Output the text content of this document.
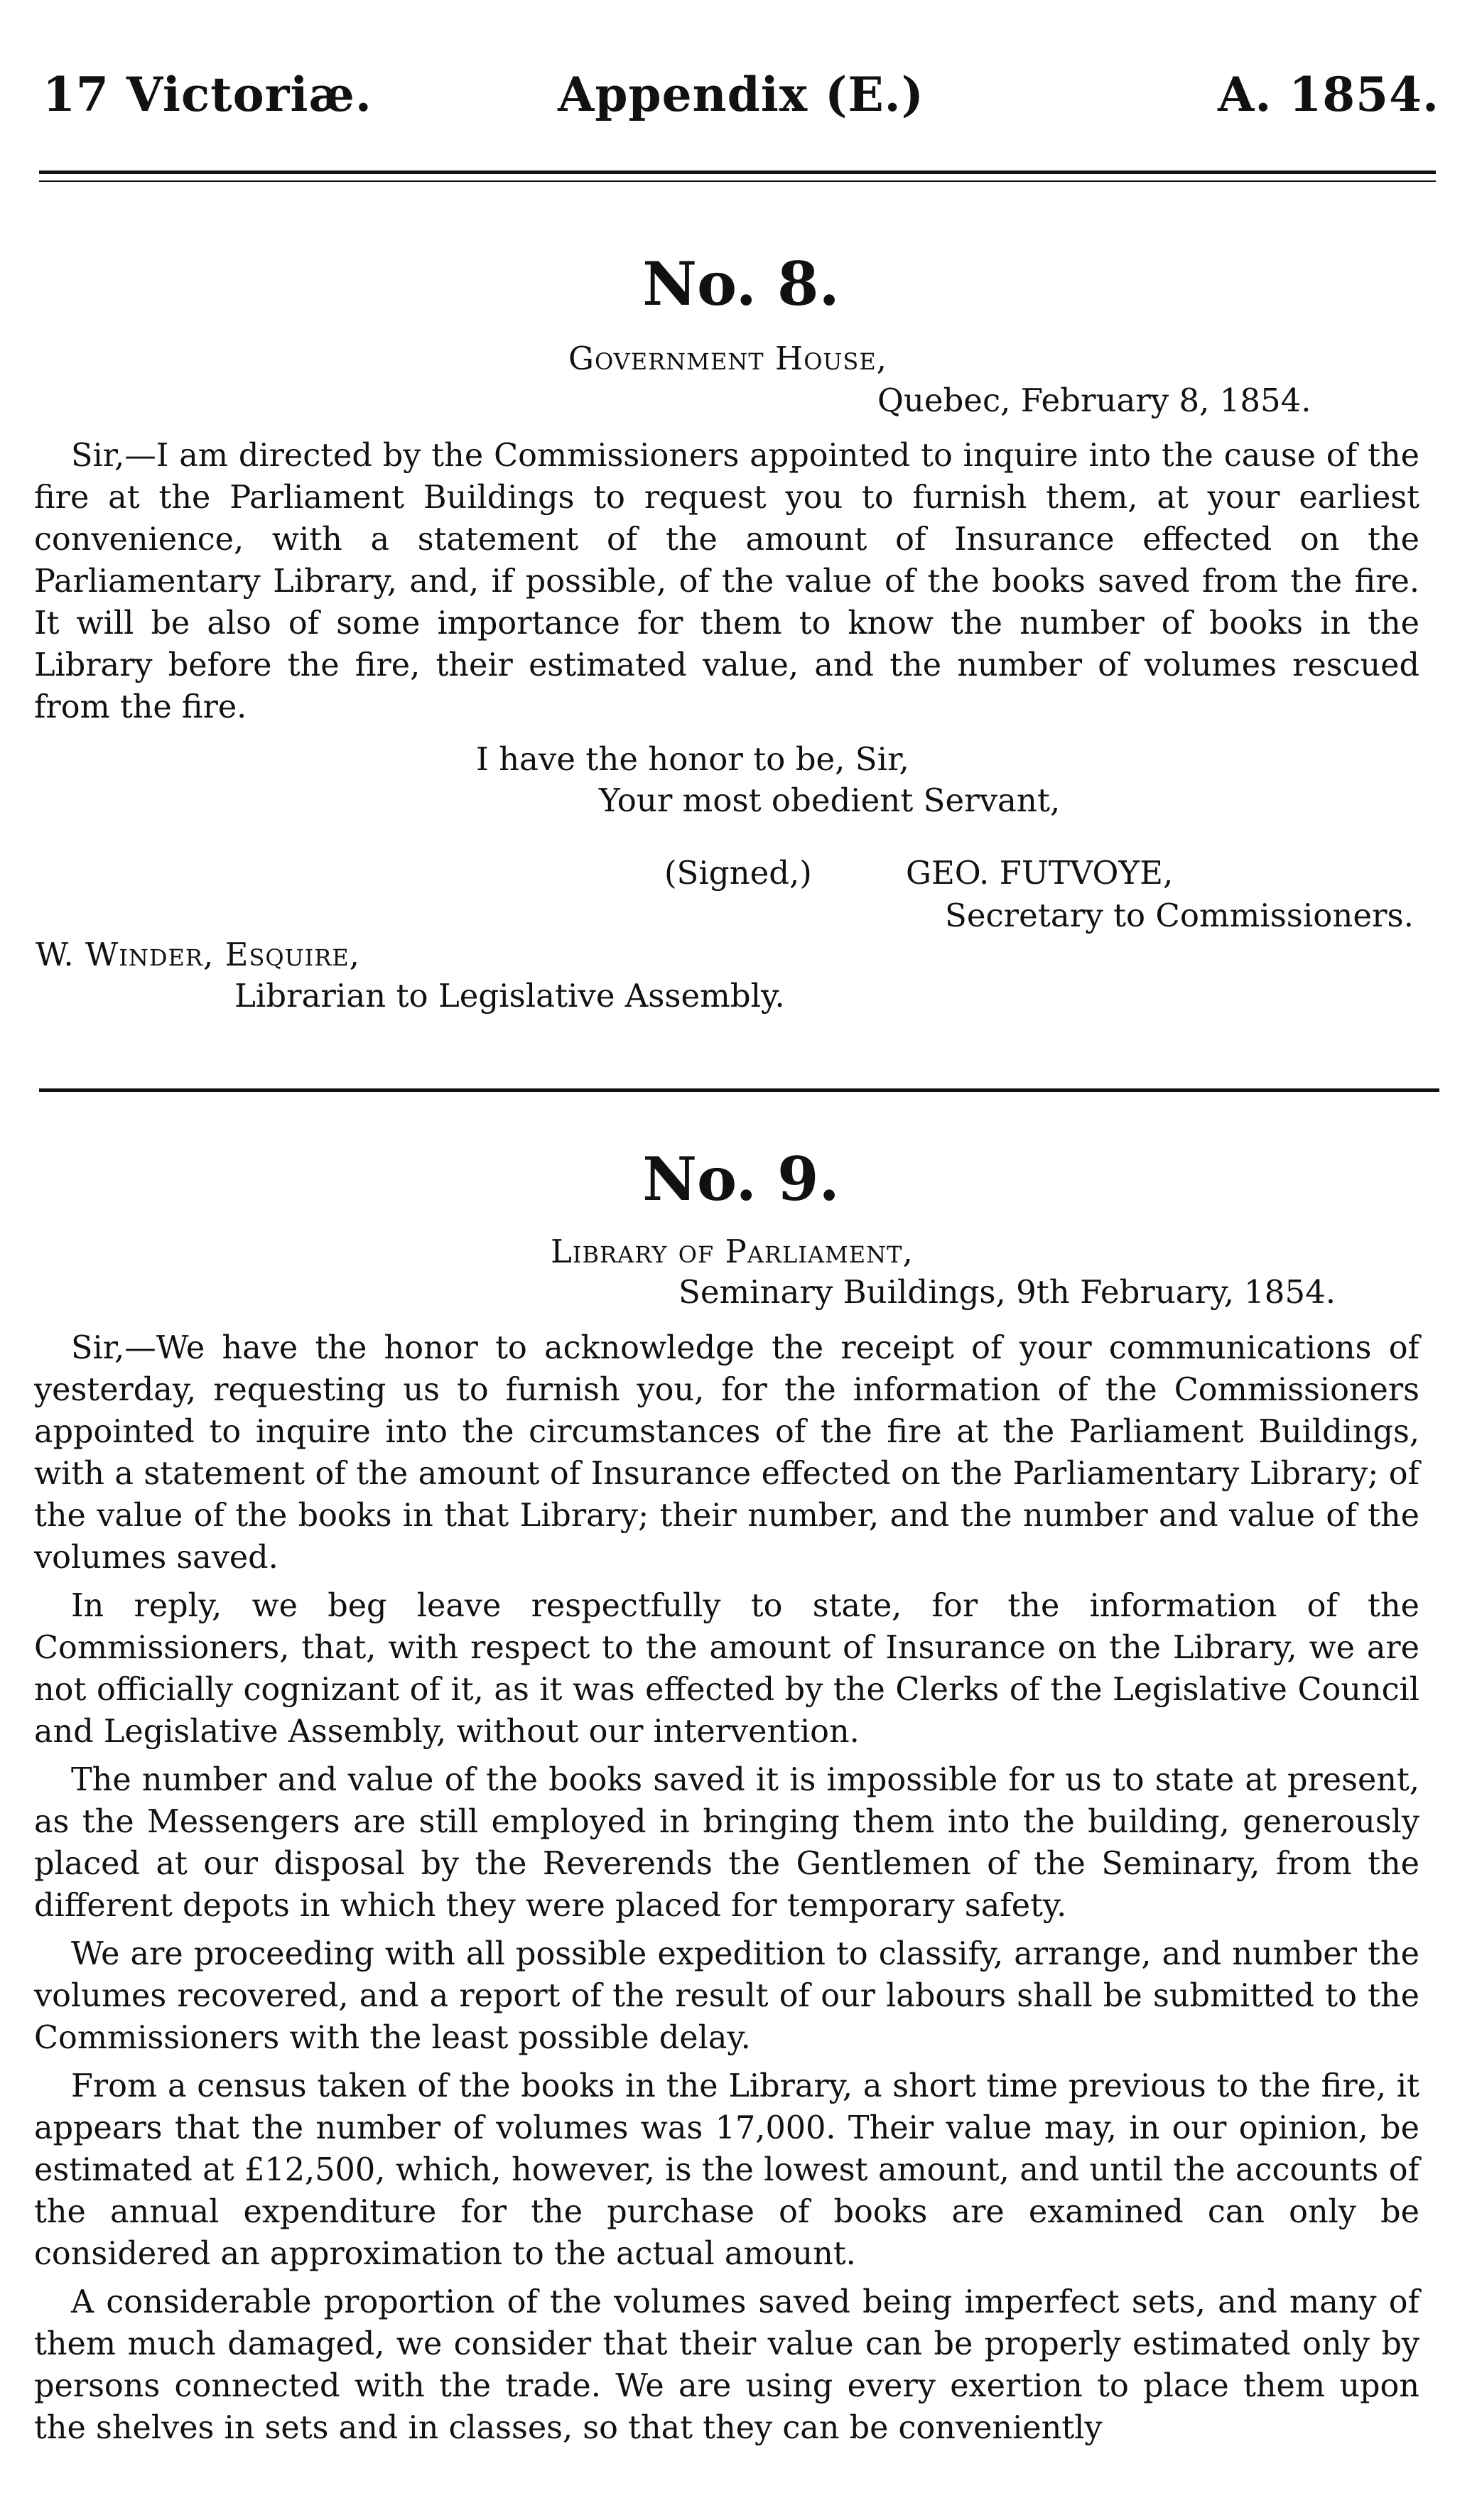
Appendix (E.)
17 Victoriæ.	A. 1854.
No. 8.
Government House,
Quebec, February 8, 1854.

Sir,—I am directed by the Commissioners appointed to inquire into the cause of the fire at the Parliament Buildings to request you to furnish them, at your earliest convenience, with a statement of the amount of Insurance effected on the Parliamentary Library, and, if possible, of the value of the books saved from the fire. It will be also of some importance for them to know the number of books in the Library before the fire, their estimated value, and the number of volumes rescued from the fire.

I have the honor to be, Sir,
Your most obedient Servant,
(Signed,)	GEO. FUTVOYE,
Secretary to Commissioners.
W. Winder, Esquire,
Librarian to Legislative Assembly.
No. 9.
Library of Parliament,
Seminary Buildings, 9th February, 1854.

Sir,—We have the honor to acknowledge the receipt of your communications of yesterday, requesting us to furnish you, for the information of the Commissioners appointed to inquire into the circumstances of the fire at the Parliament Buildings, with a statement of the amount of Insurance effected on the Parliamentary Library; of the value of the books in that Library; their number, and the number and value of the volumes saved.

In reply, we beg leave respectfully to state, for the information of the Commissioners, that, with respect to the amount of Insurance on the Library, we are not officially cognizant of it, as it was effected by the Clerks of the Legislative Council and Legislative Assembly, without our intervention.

The number and value of the books saved it is impossible for us to state at present, as the Messengers are still employed in bringing them into the building, generously placed at our disposal by the Reverends the Gentlemen of the Seminary, from the different depots in which they were placed for temporary safety.

We are proceeding with all possible expedition to classify, arrange, and number the volumes recovered, and a report of the result of our labours shall be submitted to the Commissioners with the least possible delay.

From a census taken of the books in the Library, a short time previous to the fire, it appears that the number of volumes was 17,000. Their value may, in our opinion, be estimated at £12,500, which, however, is the lowest amount, and until the accounts of the annual expenditure for the purchase of books are examined can only be considered an approximation to the actual amount.

A considerable proportion of the volumes saved being imperfect sets, and many of them much damaged, we consider that their value can be properly estimated only by persons connected with the trade. We are using every exertion to place them upon the shelves in sets and in classes, so that they can be conveniently
